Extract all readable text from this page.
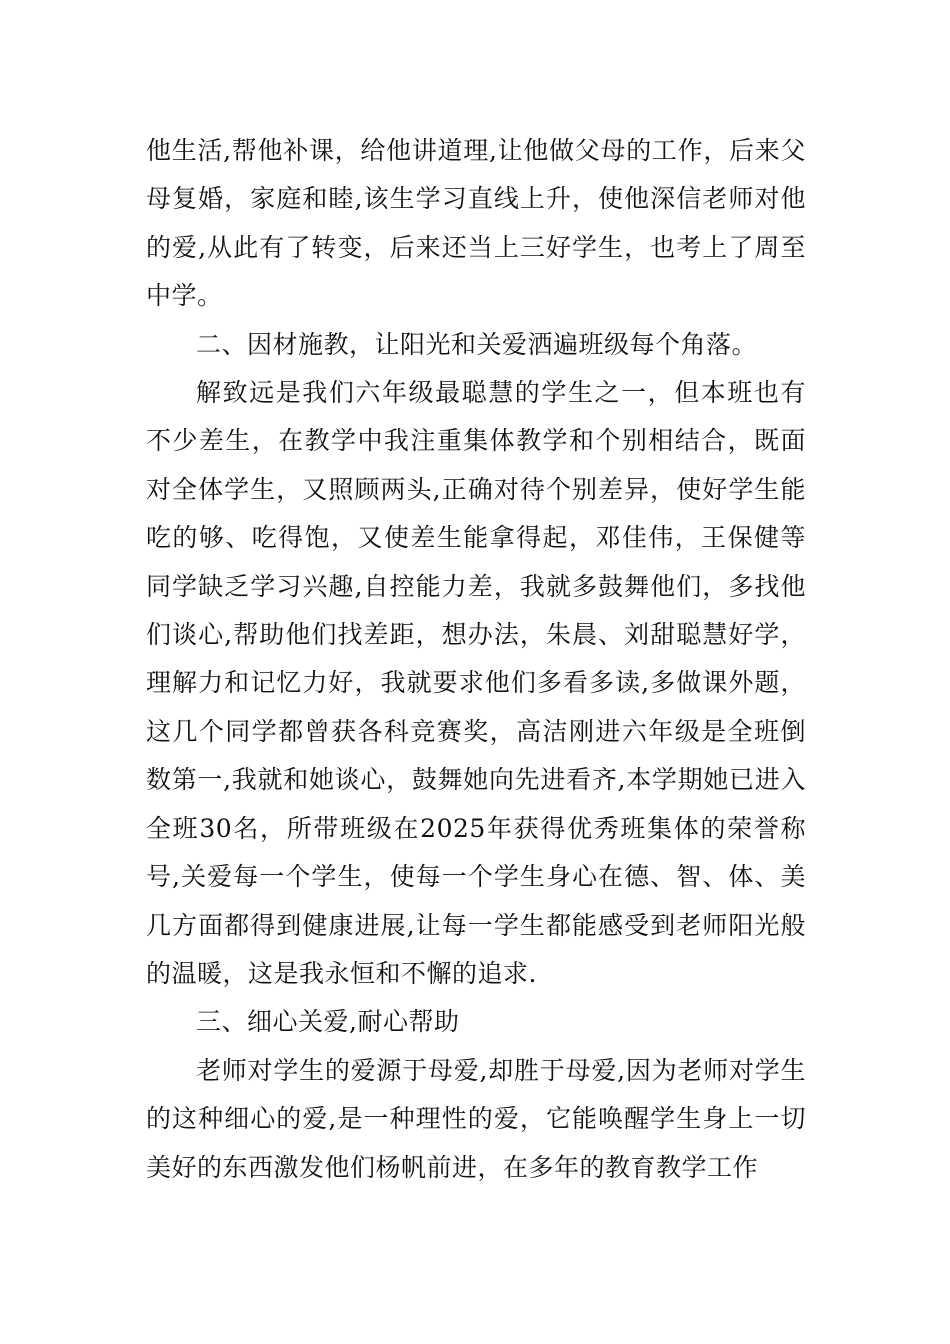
他生活,帮他补课，给他讲道理,让他做父母的工作，后来父母复婚，家庭和睦,该生学习直线上升，使他深信老师对他的爱,从此有了转变，后来还当上三好学生，也考上了周至中学。

二、因材施教，让阳光和关爱洒遍班级每个角落。

解致远是我们六年级最聪慧的学生之一，但本班也有不少差生，在教学中我注重集体教学和个别相结合，既面对全体学生，又照顾两头,正确对待个别差异，使好学生能吃的够、吃得饱，又使差生能拿得起，邓佳伟，王保健等同学缺乏学习兴趣,自控能力差，我就多鼓舞他们，多找他们谈心,帮助他们找差距，想办法，朱晨、刘甜聪慧好学，理解力和记忆力好，我就要求他们多看多读,多做课外题，这几个同学都曾获各科竞赛奖，高洁刚进六年级是全班倒数第一,我就和她谈心，鼓舞她向先进看齐,本学期她已进入全班30名，所带班级在2025年获得优秀班集体的荣誉称号,关爱每一个学生，使每一个学生身心在德、智、体、美几方面都得到健康进展,让每一学生都能感受到老师阳光般的温暖，这是我永恒和不懈的追求.

三、细心关爱,耐心帮助

老师对学生的爱源于母爱,却胜于母爱,因为老师对学生的这种细心的爱,是一种理性的爱，它能唤醒学生身上一切美好的东西激发他们杨帆前进，在多年的教育教学工作
